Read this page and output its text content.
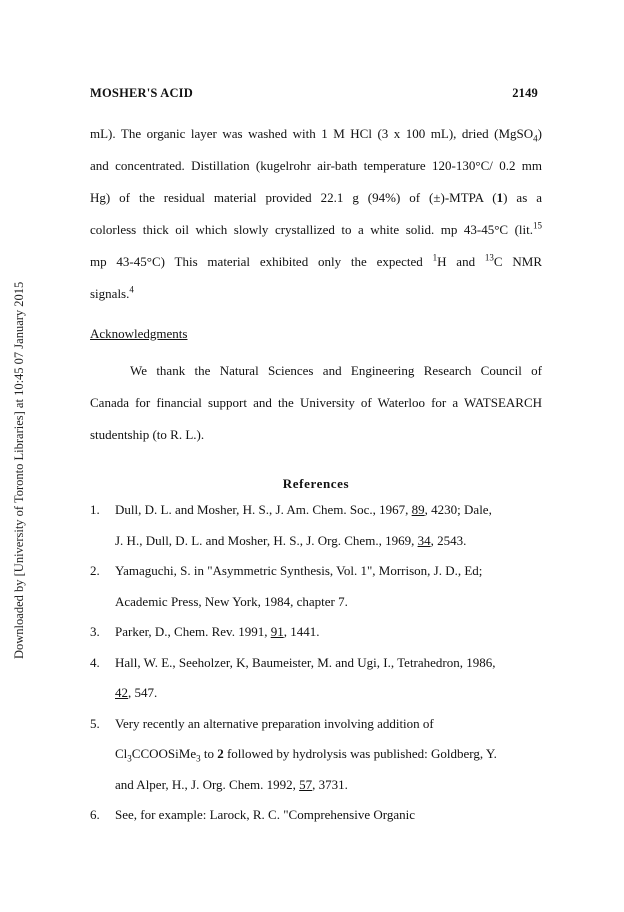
MOSHER'S ACID	2149
Downloaded by [University of Toronto Libraries] at 10:45 07 January 2015

mL). The organic layer was washed with 1 M HCl (3 x 100 mL), dried (MgSO$_4$)

and concentrated. Distillation (kugelrohr air-bath temperature 120-130°C/ 0.2 mm

Hg) of the residual material provided 22.1 g (94%) of (±)-MTPA (1) as a

colorless thick oil which slowly crystallized to a white solid. mp 43-45°C (lit.$^{15}$

mp 43-45°C) This material exhibited only the expected $^1$H and $^{13}$C NMR

signals.$^4$

Acknowledgments

We thank the Natural Sciences and Engineering Research Council of

Canada for financial support and the University of Waterloo for a WATSEARCH

studentship (to R. L.).

References
1.	Dull, D. L. and Mosher, H. S., J. Am. Chem. Soc., 1967, 89, 4230; Dale,
J. H., Dull, D. L. and Mosher, H. S., J. Org. Chem., 1969, 34, 2543.
2.	Yamaguchi, S. in "Asymmetric Synthesis, Vol. 1", Morrison, J. D., Ed;
Academic Press, New York, 1984, chapter 7.
3.	Parker, D., Chem. Rev. 1991, 91, 1441.
4.	Hall, W. E., Seeholzer, K, Baumeister, M. and Ugi, I., Tetrahedron, 1986,
42, 547.
5.	Very recently an alternative preparation involving addition of
$Cl_3CCOOSiMe_3$ to 2 followed by hydrolysis was published: Goldberg, Y.
and Alper, H., J. Org. Chem. 1992, 57, 3731.
6.	See, for example: Larock, R. C. "Comprehensive Organic
